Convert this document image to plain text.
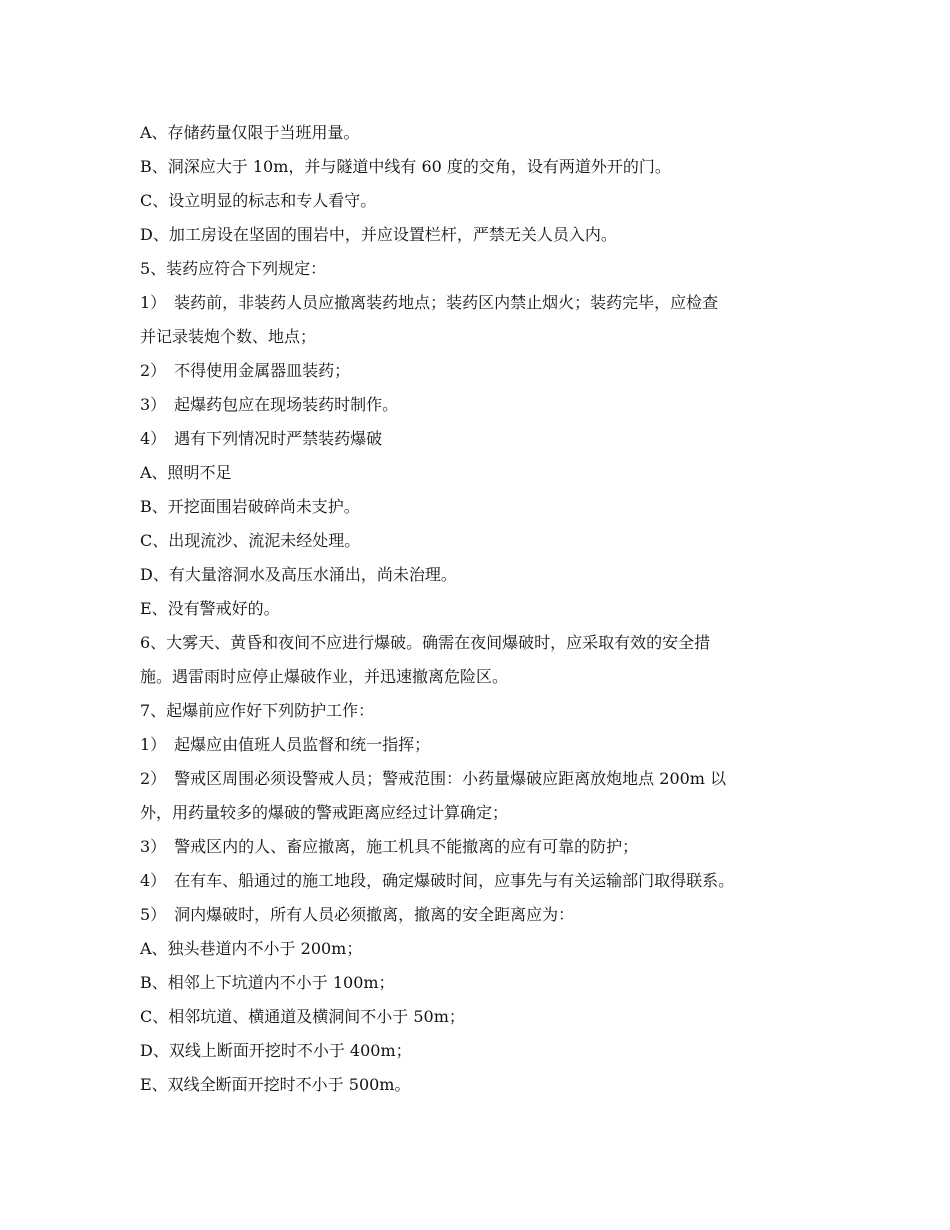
A、存储药量仅限于当班用量。
B、洞深应大于 10m，并与隧道中线有 60 度的交角，设有两道外开的门。
C、设立明显的标志和专人看守。
D、加工房设在坚固的围岩中，并应设置栏杆，严禁无关人员入内。
5、装药应符合下列规定：
1）　装药前，非装药人员应撤离装药地点；装药区内禁止烟火；装药完毕，应检查
并记录装炮个数、地点；
2）　不得使用金属器皿装药；
3）　起爆药包应在现场装药时制作。
4）　遇有下列情况时严禁装药爆破
A、照明不足
B、开挖面围岩破碎尚未支护。
C、出现流沙、流泥未经处理。
D、有大量溶洞水及高压水涌出，尚未治理。
E、没有警戒好的。
6、大雾天、黄昏和夜间不应进行爆破。确需在夜间爆破时，应采取有效的安全措
施。遇雷雨时应停止爆破作业，并迅速撤离危险区。
7、起爆前应作好下列防护工作：
1）　起爆应由值班人员监督和统一指挥；
2）　警戒区周围必须设警戒人员；警戒范围：小药量爆破应距离放炮地点 200m 以
外，用药量较多的爆破的警戒距离应经过计算确定；
3）　警戒区内的人、畜应撤离，施工机具不能撤离的应有可靠的防护；
4）　在有车、船通过的施工地段，确定爆破时间，应事先与有关运输部门取得联系。
5）　洞内爆破时，所有人员必须撤离，撤离的安全距离应为：
A、独头巷道内不小于 200m；
B、相邻上下坑道内不小于 100m；
C、相邻坑道、横通道及横洞间不小于 50m；
D、双线上断面开挖时不小于 400m；
E、双线全断面开挖时不小于 500m。
